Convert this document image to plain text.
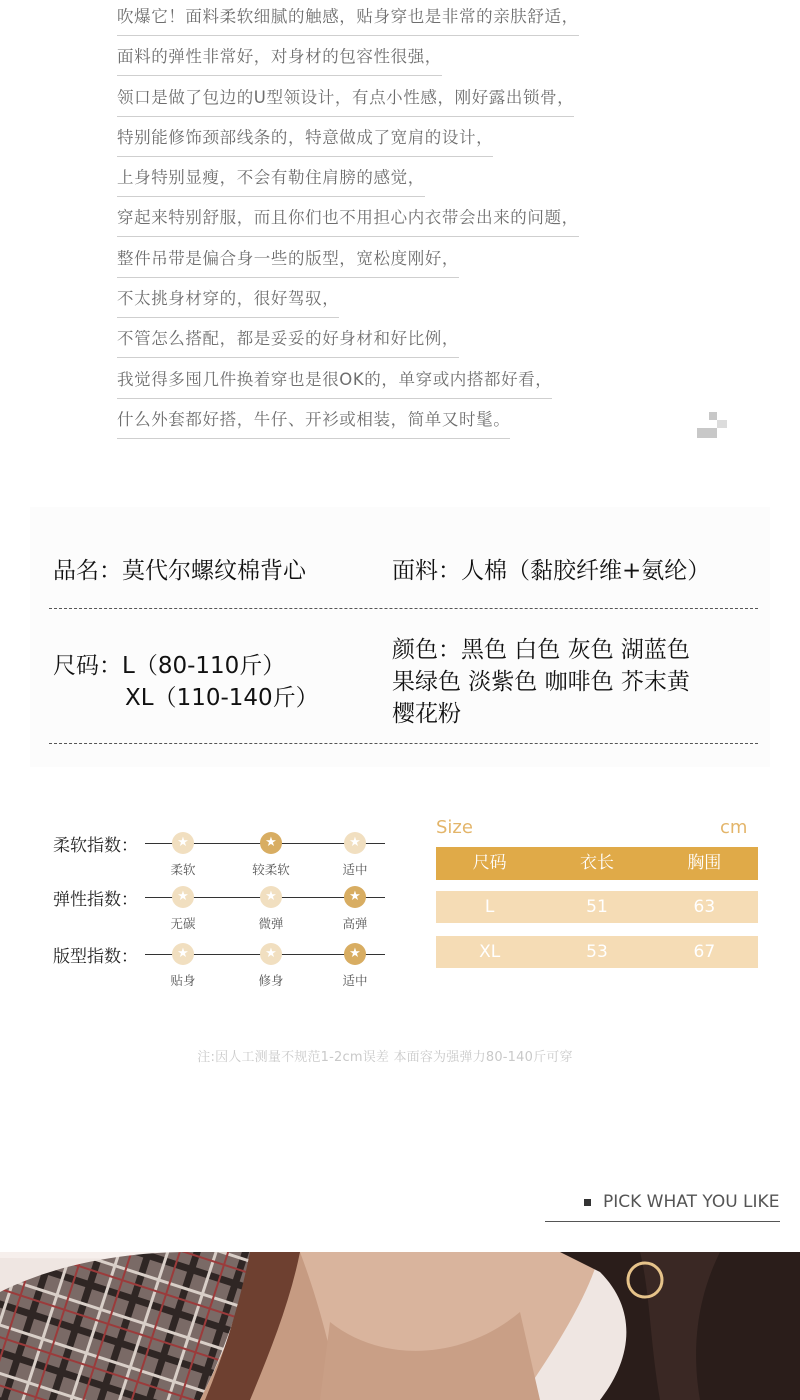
吹爆它！面料柔软细腻的触感，贴身穿也是非常的亲肤舒适，
面料的弹性非常好，对身材的包容性很强，
领口是做了包边的U型领设计，有点小性感，刚好露出锁骨，
特别能修饰颈部线条的，特意做成了宽肩的设计，
上身特别显瘦，不会有勒住肩膀的感觉，
穿起来特别舒服，而且你们也不用担心内衣带会出来的问题，
整件吊带是偏合身一些的版型，宽松度刚好，
不太挑身材穿的，很好驾驭，
不管怎么搭配，都是妥妥的好身材和好比例，
我觉得多囤几件换着穿也是很OK的，单穿或内搭都好看，
什么外套都好搭，牛仔、开衫或相装，简单又时髦。
品名：莫代尔螺纹棉背心	面料：人棉（黏胶纤维+氨纶）
尺码：L（80-110斤）
XL（110-140斤）
颜色：黑色 白色 灰色 湖蓝色
果绿色 淡紫色 咖啡色 芥末黄
樱花粉
柔软指数：	★
柔软
★
较柔软
★
适中
弹性指数：	★
无碳
★
微弹
★
高弹
版型指数：	★
贴身
★
修身
★
适中
Size	cm
尺码	衣长	胸围
L	51	63
XL	53	67
注:因人工测量不规范1-2cm误差 本面容为强弹力80-140斤可穿
PICK WHAT YOU LIKE
